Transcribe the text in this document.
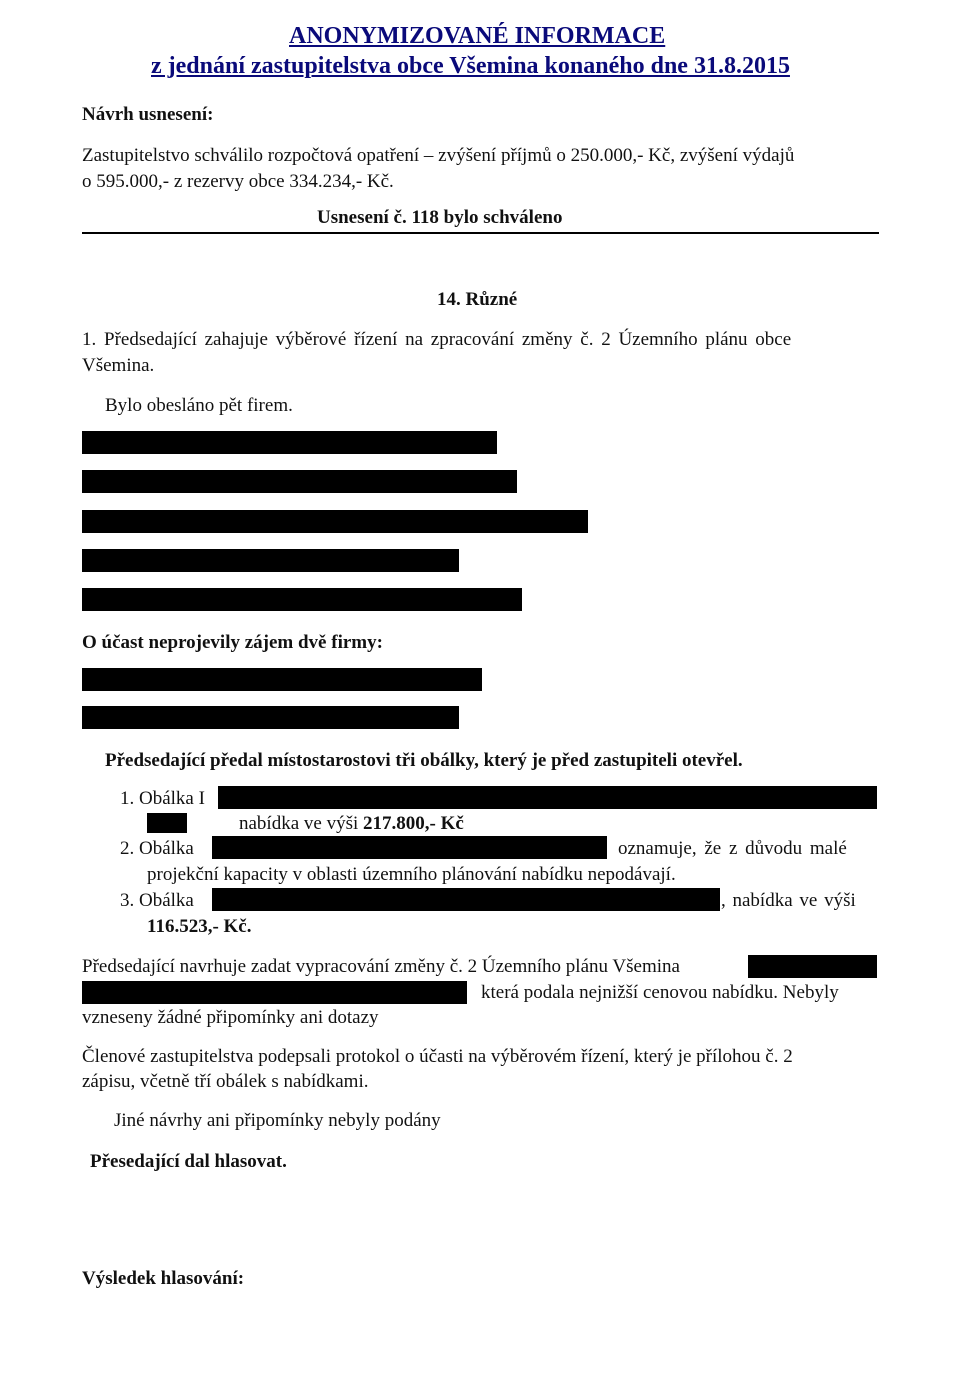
ANONYMIZOVANÉ INFORMACE
z jednání zastupitelstva obce Všemina konaného dne 31.8.2015
Návrh usnesení:
Zastupitelstvo schválilo rozpočtová opatření – zvýšení příjmů o 250.000,- Kč, zvýšení výdajů
o 595.000,- z rezervy obce 334.234,- Kč.
Usnesení č. 118 bylo schváleno
14. Různé
1. Předsedající zahajuje výběrové řízení na zpracování změny č. 2 Územního plánu obce
Všemina.
Bylo obesláno pět firem.
O účast neprojevily zájem dvě firmy:
Předsedající předal místostarostovi tři obálky, který je před zastupiteli otevřel.
1. Obálka I
nabídka ve výši 217.800,- Kč
2. Obálka	oznamuje, že z důvodu malé
projekční kapacity v oblasti územního plánování nabídku nepodávají.
3. Obálka	, nabídka ve výši
116.523,- Kč.
Předsedající navrhuje zadat vypracování změny č. 2 Územního plánu Všemina
která podala nejnižší cenovou nabídku. Nebyly
vzneseny žádné připomínky ani dotazy
Členové zastupitelstva podepsali protokol o účasti na výběrovém řízení, který je přílohou č. 2
zápisu, včetně tří obálek s nabídkami.
Jiné návrhy ani připomínky nebyly podány
Přesedající dal hlasovat.
Výsledek hlasování:
